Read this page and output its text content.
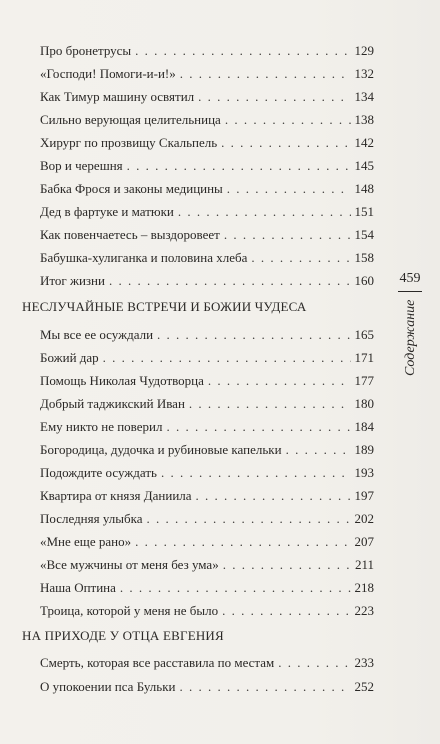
Про бронетрусы . . .	129
«Господи! Помоги-и-и!» . . .	132
Как Тимур машину освятил . . .	134
Сильно верующая целительница . . .	138
Хирург по прозвищу Скальпель . . .	142
Вор и черешня . . .	145
Бабка Фрося и законы медицины . . .	148
Дед в фартуке и матюки . . .	151
Как повенчаетесь – выздоровеет . . .	154
Бабушка-хулиганка и половина хлеба . . .	158
Итог жизни . . .	160
НЕСЛУЧАЙНЫЕ ВСТРЕЧИ И БОЖИИ ЧУДЕСА
Мы все ее осуждали . . .	165
Божий дар . . .	171
Помощь Николая Чудотворца . . .	177
Добрый таджикский Иван . . .	180
Ему никто не поверил . . .	184
Богородица, дудочка и рубиновые капельки . . .	189
Подождите осуждать . . .	193
Квартира от князя Даниила . . .	197
Последняя улыбка . . .	202
«Мне еще рано» . . .	207
«Все мужчины от меня без ума» . . .	211
Наша Оптина . . .	218
Троица, которой у меня не было . . .	223
НА ПРИХОДЕ У ОТЦА ЕВГЕНИЯ
Смерть, которая все расставила по местам . . .	233
О упокоении пса Бульки . . .	252
459
Содержание
